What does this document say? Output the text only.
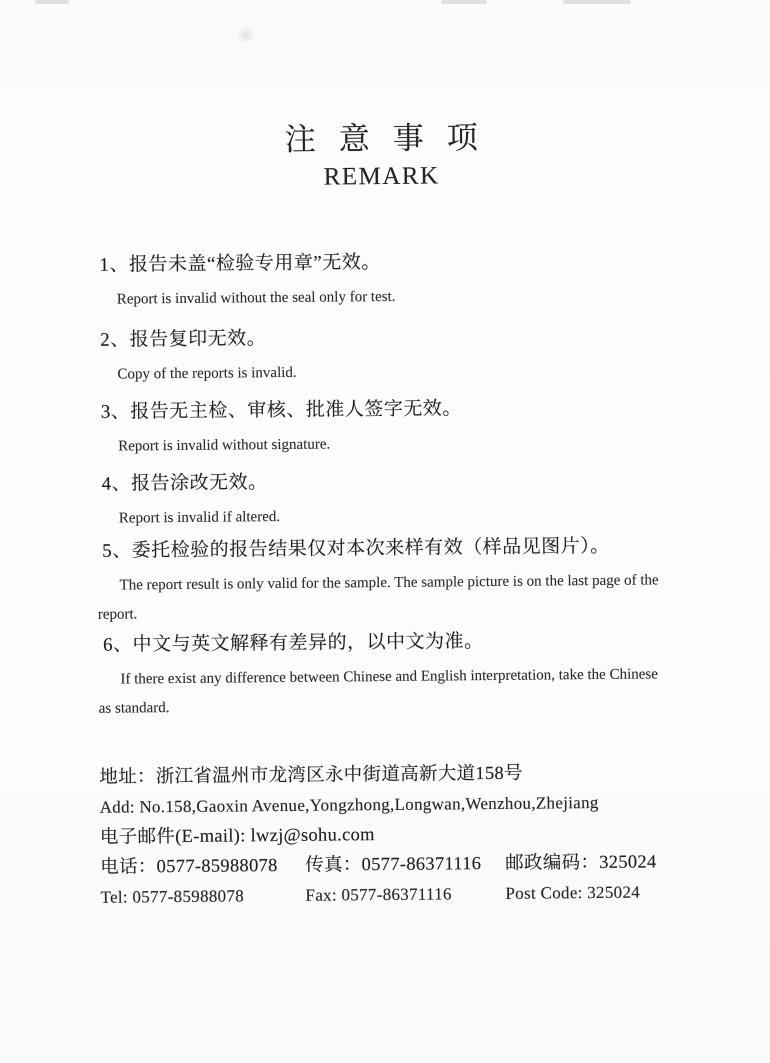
注意事项
REMARK
1、报告未盖“检验专用章”无效。
Report is invalid without the seal only for test.
2、报告复印无效。
Copy of the reports is invalid.
3、报告无主检、审核、批准人签字无效。
Report is invalid without signature.
4、报告涂改无效。
Report is invalid if altered.
5、委托检验的报告结果仅对本次来样有效（样品见图片）。
The report result is only valid for the sample. The sample picture is on the last page of the
report.
6、中文与英文解释有差异的，以中文为准。
If there exist any difference between Chinese and English interpretation, take the Chinese
as standard.
地址：浙江省温州市龙湾区永中街道高新大道158号
Add: No.158,Gaoxin Avenue,Yongzhong,Longwan,Wenzhou,Zhejiang
电子邮件(E-mail): lwzj@sohu.com
电话：0577-85988078	传真：0577-86371116	邮政编码：325024
Tel: 0577-85988078	Fax: 0577-86371116	Post Code: 325024
